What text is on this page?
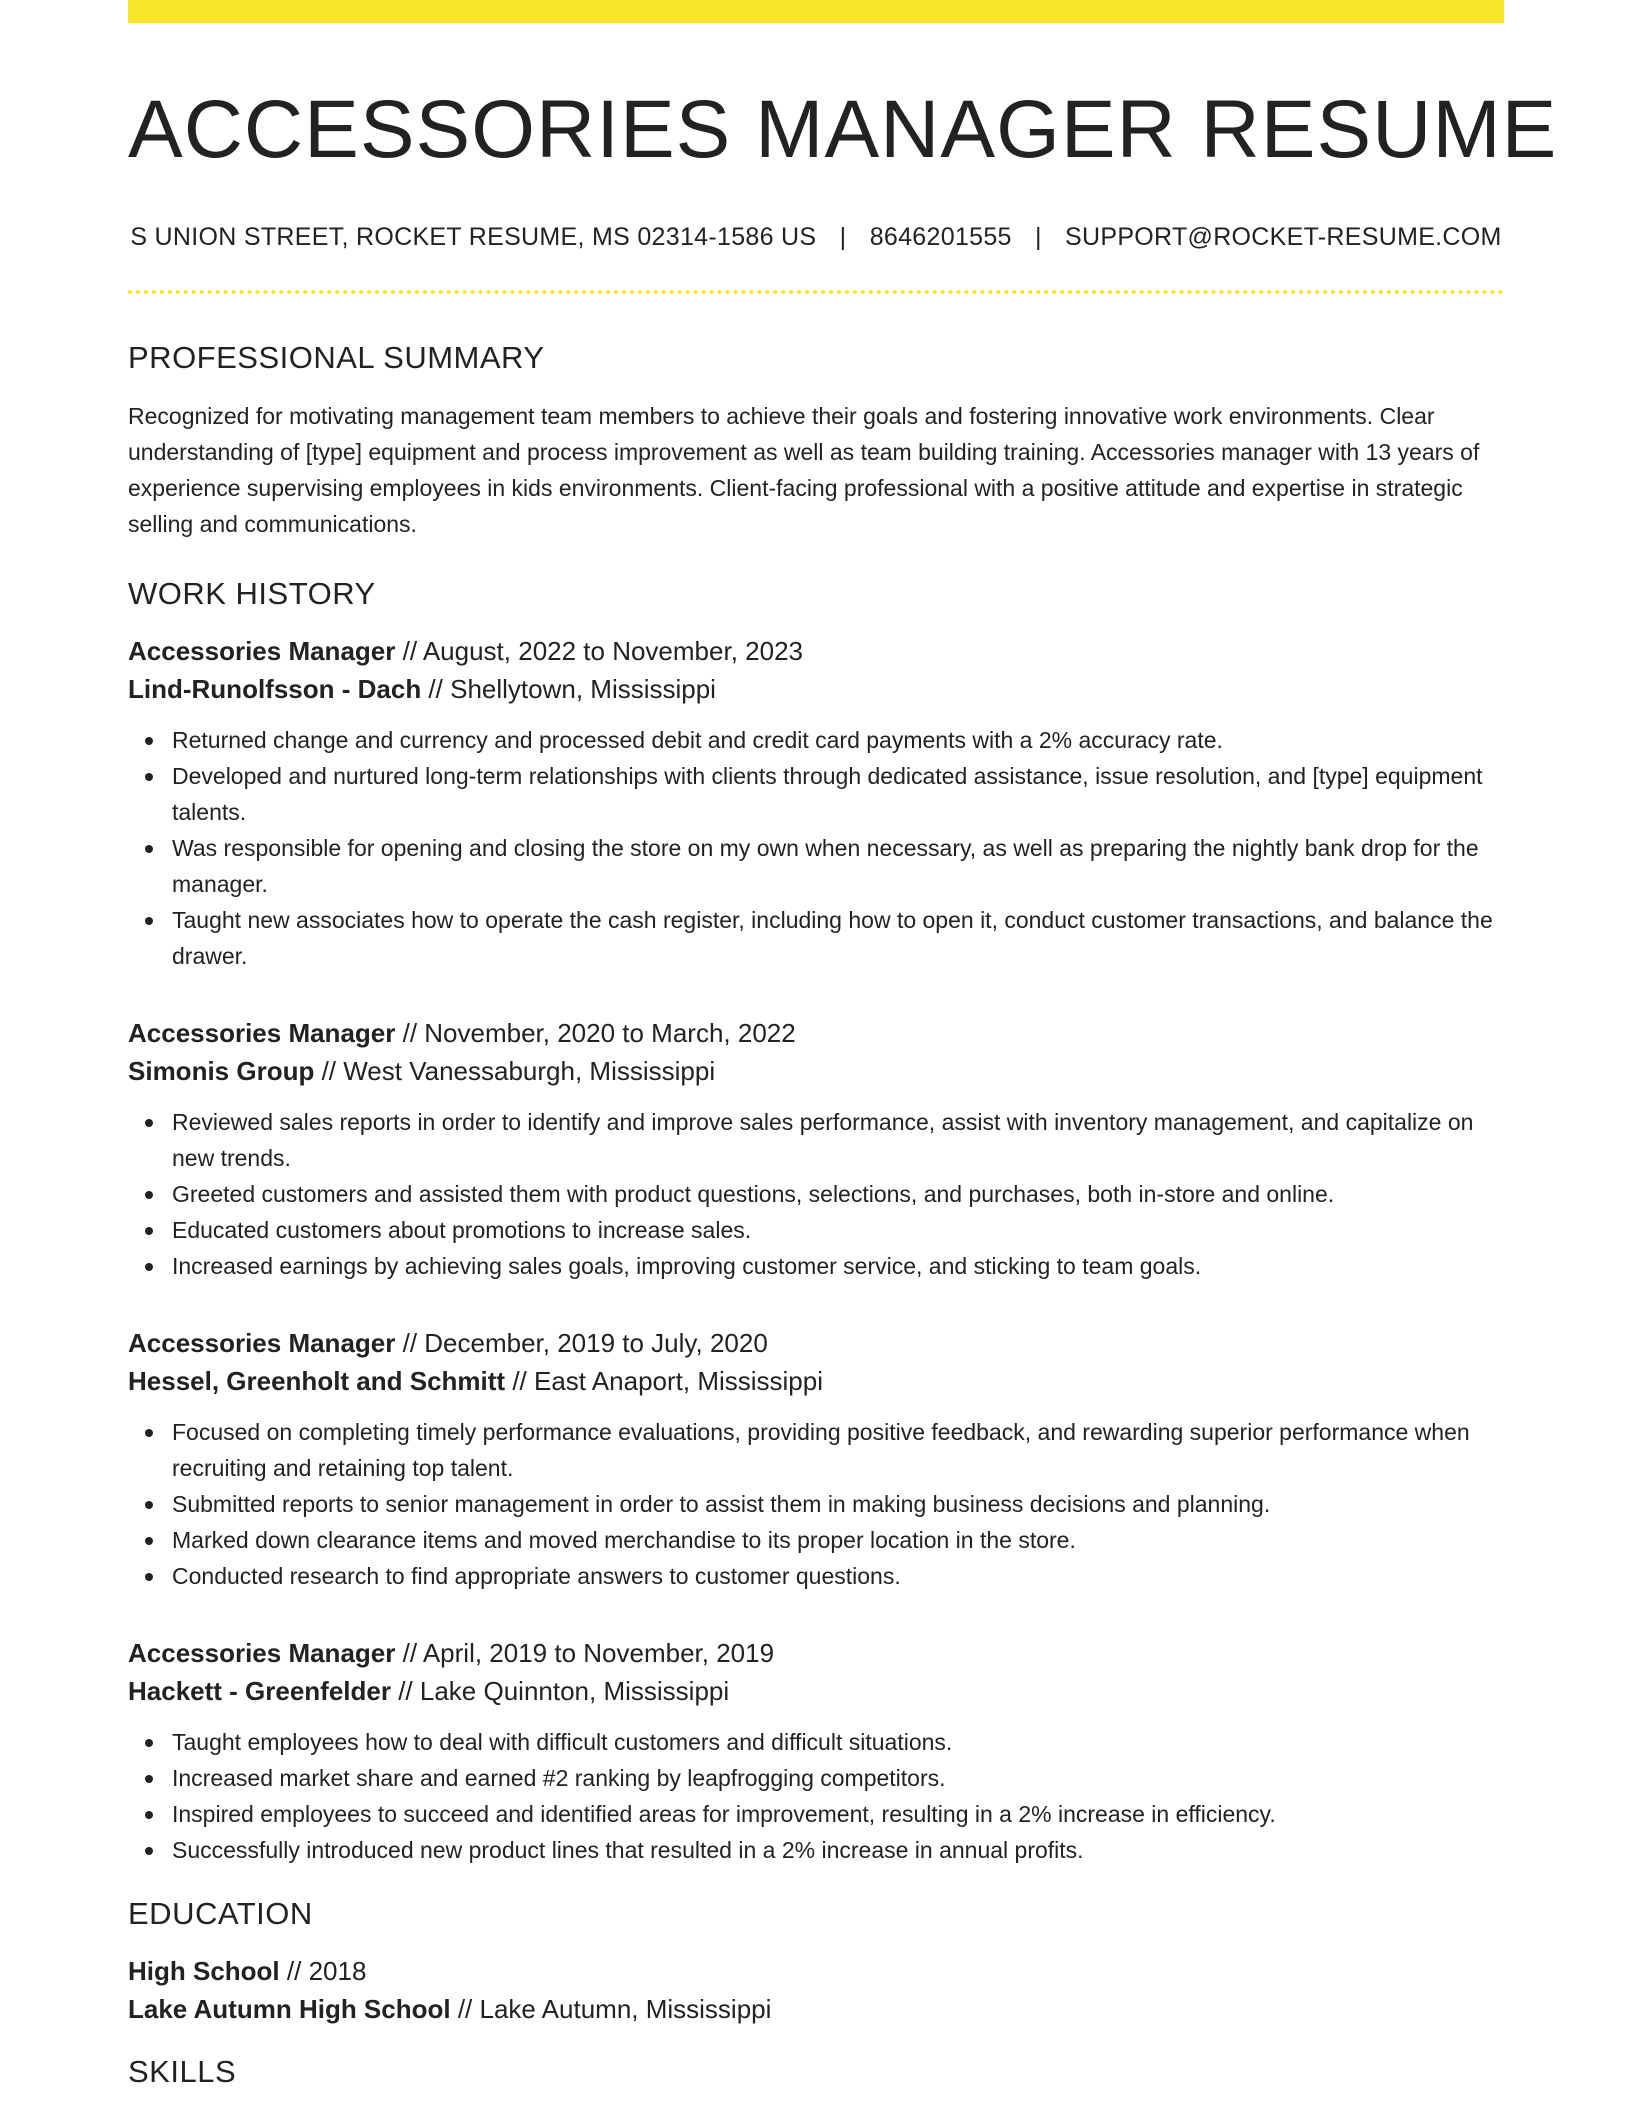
ACCESSORIES MANAGER RESUME
S UNION STREET, ROCKET RESUME, MS 02314-1586 US | 8646201555 | SUPPORT@ROCKET-RESUME.COM
PROFESSIONAL SUMMARY
Recognized for motivating management team members to achieve their goals and fostering innovative work environments. Clear understanding of [type] equipment and process improvement as well as team building training. Accessories manager with 13 years of experience supervising employees in kids environments. Client-facing professional with a positive attitude and expertise in strategic selling and communications.
WORK HISTORY
Accessories Manager // August, 2022 to November, 2023
Lind-Runolfsson - Dach // Shellytown, Mississippi
Returned change and currency and processed debit and credit card payments with a 2% accuracy rate.
Developed and nurtured long-term relationships with clients through dedicated assistance, issue resolution, and [type] equipment talents.
Was responsible for opening and closing the store on my own when necessary, as well as preparing the nightly bank drop for the manager.
Taught new associates how to operate the cash register, including how to open it, conduct customer transactions, and balance the drawer.
Accessories Manager // November, 2020 to March, 2022
Simonis Group // West Vanessaburgh, Mississippi
Reviewed sales reports in order to identify and improve sales performance, assist with inventory management, and capitalize on new trends.
Greeted customers and assisted them with product questions, selections, and purchases, both in-store and online.
Educated customers about promotions to increase sales.
Increased earnings by achieving sales goals, improving customer service, and sticking to team goals.
Accessories Manager // December, 2019 to July, 2020
Hessel, Greenholt and Schmitt // East Anaport, Mississippi
Focused on completing timely performance evaluations, providing positive feedback, and rewarding superior performance when recruiting and retaining top talent.
Submitted reports to senior management in order to assist them in making business decisions and planning.
Marked down clearance items and moved merchandise to its proper location in the store.
Conducted research to find appropriate answers to customer questions.
Accessories Manager // April, 2019 to November, 2019
Hackett - Greenfelder // Lake Quinnton, Mississippi
Taught employees how to deal with difficult customers and difficult situations.
Increased market share and earned #2 ranking by leapfrogging competitors.
Inspired employees to succeed and identified areas for improvement, resulting in a 2% increase in efficiency.
Successfully introduced new product lines that resulted in a 2% increase in annual profits.
EDUCATION
High School // 2018
Lake Autumn High School // Lake Autumn, Mississippi
SKILLS
